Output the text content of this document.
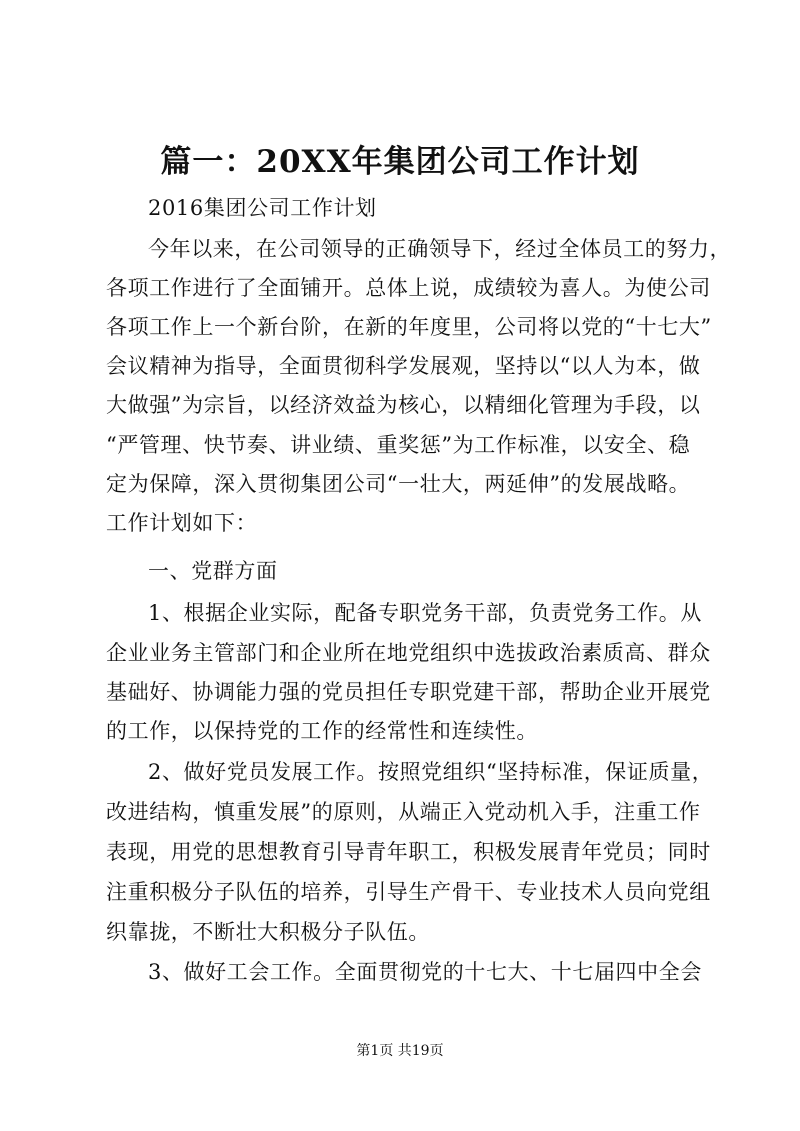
篇一：20XX年集团公司工作计划
2016集团公司工作计划
今年以来，在公司领导的正确领导下，经过全体员工的努力，
各项工作进行了全面铺开。总体上说，成绩较为喜人。为使公司
各项工作上一个新台阶，在新的年度里，公司将以党的“十七大”
会议精神为指导，全面贯彻科学发展观，坚持以“以人为本，做
大做强”为宗旨，以经济效益为核心，以精细化管理为手段，以
“严管理、快节奏、讲业绩、重奖惩”为工作标准，以安全、稳
定为保障，深入贯彻集团公司“一壮大，两延伸”的发展战略。
工作计划如下：
一、党群方面
1、根据企业实际，配备专职党务干部，负责党务工作。从
企业业务主管部门和企业所在地党组织中选拔政治素质高、群众
基础好、协调能力强的党员担任专职党建干部，帮助企业开展党
的工作，以保持党的工作的经常性和连续性。
2、做好党员发展工作。按照党组织“坚持标准，保证质量，
改进结构，慎重发展”的原则，从端正入党动机入手，注重工作
表现，用党的思想教育引导青年职工，积极发展青年党员；同时
注重积极分子队伍的培养，引导生产骨干、专业技术人员向党组
织靠拢，不断壮大积极分子队伍。
3、做好工会工作。全面贯彻党的十七大、十七届四中全会
第1页 共19页
